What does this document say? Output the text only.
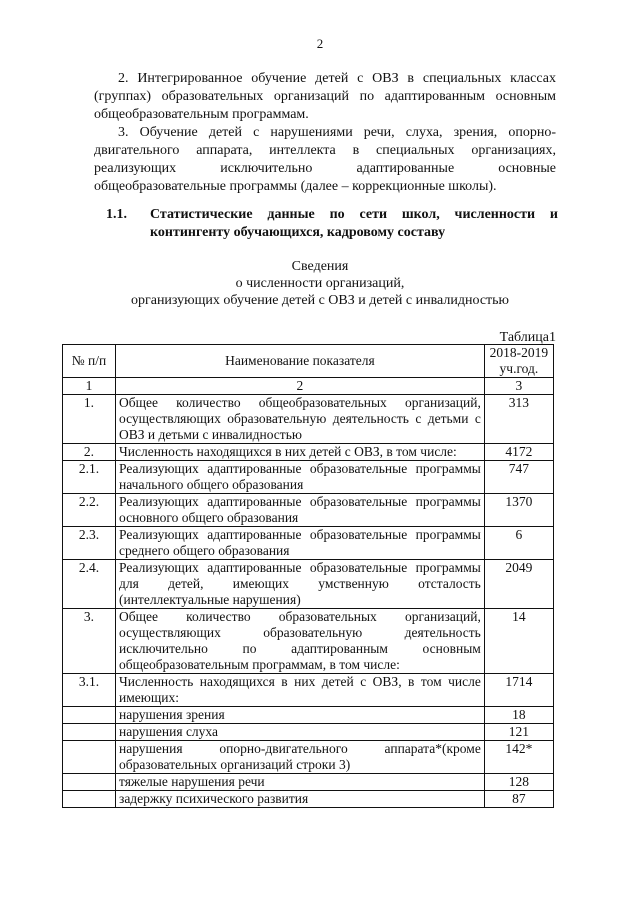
2
2. Интегрированное обучение детей с ОВЗ в специальных классах
(группах) образовательных организаций по адаптированным основным
общеобразовательным программам.
3. Обучение детей с нарушениями речи, слуха, зрения, опорно-
двигательного аппарата, интеллекта в специальных организациях,
реализующих исключительно адаптированные основные
общеобразовательные программы (далее – коррекционные школы).
1.1. Статистические данные по сети школ, численности и
контингенту обучающихся, кадровому составу
Сведения
о численности организаций,
организующих обучение детей с ОВЗ и детей с инвалидностью
Таблица1
№ п/п	Наименование показателя	2018-2019
уч.год.

1	2	3
1.	Общее количество общеобразовательных организаций, осуществляющих образовательную деятельность с детьми с ОВЗ и детьми с инвалидностью	313
2.	Численность находящихся в них детей с ОВЗ, в том числе:	4172
2.1.	Реализующих адаптированные образовательные программы начального общего образования	747
2.2.	Реализующих адаптированные образовательные программы основного общего образования	1370
2.3.	Реализующих адаптированные образовательные программы среднего общего образования	6
2.4.	Реализующих адаптированные образовательные программы для детей, имеющих умственную отсталость (интеллектуальные нарушения)	2049
3.	Общее количество образовательных организаций, осуществляющих образовательную деятельность исключительно по адаптированным основным общеобразовательным программам, в том числе:	14
3.1.	Численность находящихся в них детей с ОВЗ, в том числе имеющих:	1714
	нарушения зрения	18
	нарушения слуха	121
	нарушения опорно-двигательного аппарата*(кроме образовательных организаций строки 3)	142*
	тяжелые нарушения речи	128
	задержку психического развития	87
